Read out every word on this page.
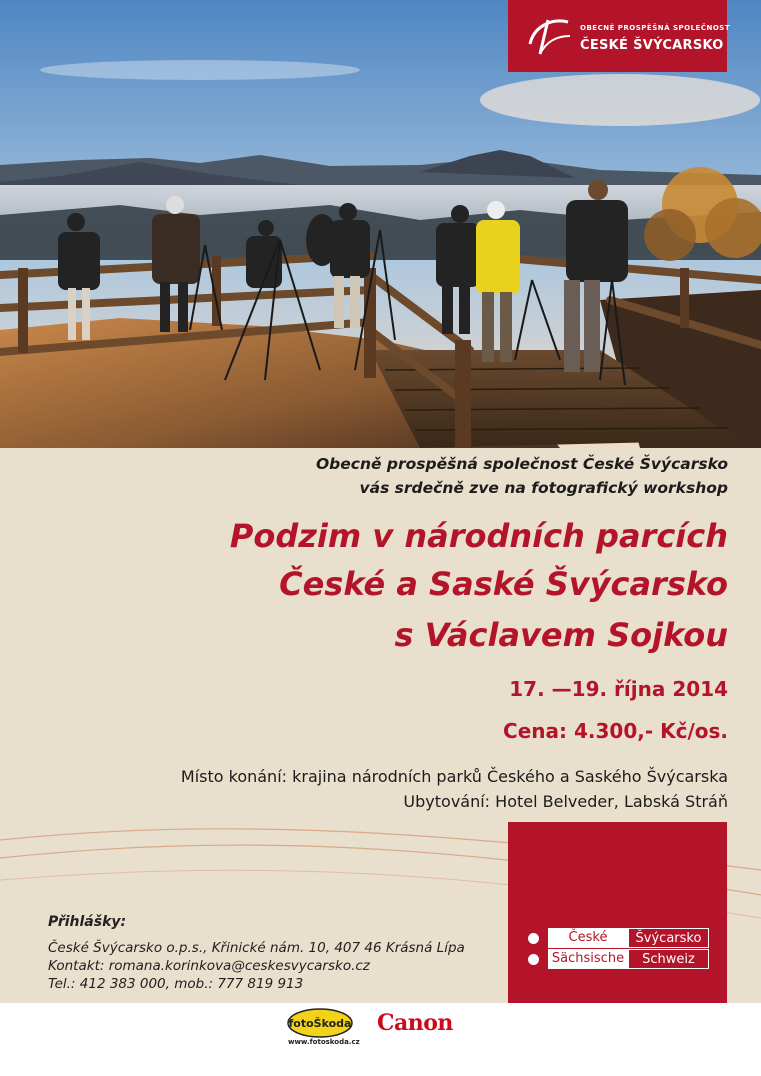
OBECNĚ PROSPĚŠNÁ SPOLEČNOST
ČESKÉ ŠVÝCARSKO
Obecně prospěšná společnost České Švýcarsko
vás srdečně zve na fotografický workshop
Podzim v národních parcích
České a Saské Švýcarsko
s Václavem Sojkou
17. —19. října 2014
Cena: 4.300,- Kč/os.
Místo konání: krajina národních parků Českého a Saského Švýcarska
Ubytování: Hotel Belveder, Labská Stráň
Přihlášky:
České Švýcarsko o.p.s., Křinické nám. 10, 407 46 Krásná Lípa
Kontakt: romana.korinkova@ceskesvycarsko.cz
Tel.: 412 383 000, mob.: 777 819 913
České	Švýcarsko
Sächsische	Schweiz
fotoŠkoda
www.fotoskoda.cz
Canon
